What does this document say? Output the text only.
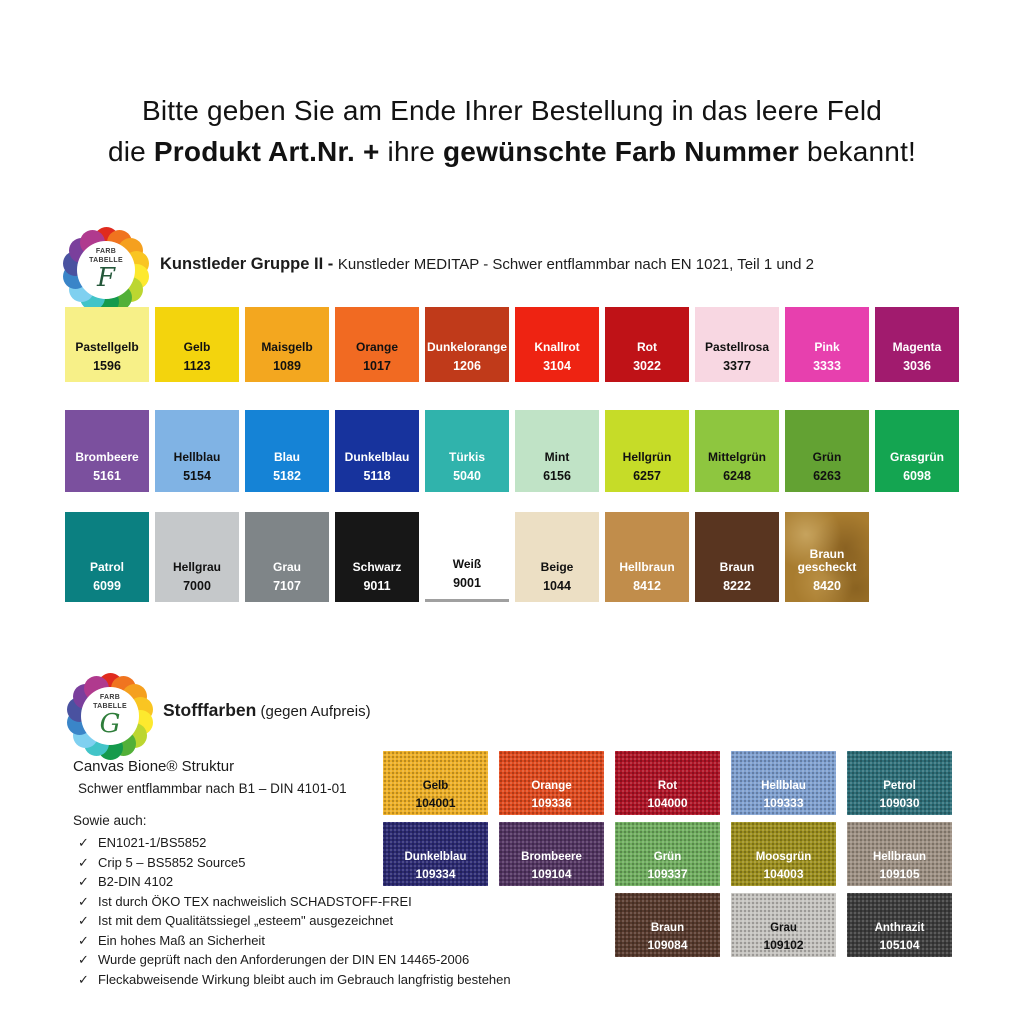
Bitte geben Sie am Ende Ihrer Bestellung in das leere Feld
die Produkt Art.Nr. + ihre gewünschte Farb Nummer bekannt!
FARB
TABELLE
F	Kunstleder Gruppe II - Kunstleder MEDITAP - Schwer entflammbar nach EN 1021, Teil 1 und 2
Pastellgelb
1596
Gelb
1123
Maisgelb
1089
Orange
1017
Dunkelorange
1206
Knallrot
3104
Rot
3022
Pastellrosa
3377
Pink
3333
Magenta
3036
Brombeere
5161
Hellblau
5154
Blau
5182
Dunkelblau
5118
Türkis
5040
Mint
6156
Hellgrün
6257
Mittelgrün
6248
Grün
6263
Grasgrün
6098
Patrol
6099
Hellgrau
7000
Grau
7107
Schwarz
9011
Weiß
9001
Beige
1044
Hellbraun
8412
Braun
8222
Braun gescheckt
8420
FARB
TABELLE
G Stofffarben (gegen Aufpreis)
Canvas Bione® Struktur
Schwer entflammbar nach B1 – DIN 4101-01
Sowie auch:
✓ EN1021-1/BS5852
✓ Crip 5 – BS5852 Source5
✓ B2-DIN 4102
✓ Ist durch ÖKO TEX nachweislich SCHADSTOFF-FREI
✓ Ist mit dem Qualitätssiegel „esteem" ausgezeichnet
✓ Ein hohes Maß an Sicherheit
✓ Wurde geprüft nach den Anforderungen der DIN EN 14465-2006
✓ Fleckabweisende Wirkung bleibt auch im Gebrauch langfristig bestehen
Gelb
104001
Orange
109336
Rot
104000
Hellblau
109333
Petrol
109030
Dunkelblau
109334
Brombeere
109104
Grün
109337
Moosgrün
104003
Hellbraun
109105
Braun
109084
Grau
109102
Anthrazit
105104
